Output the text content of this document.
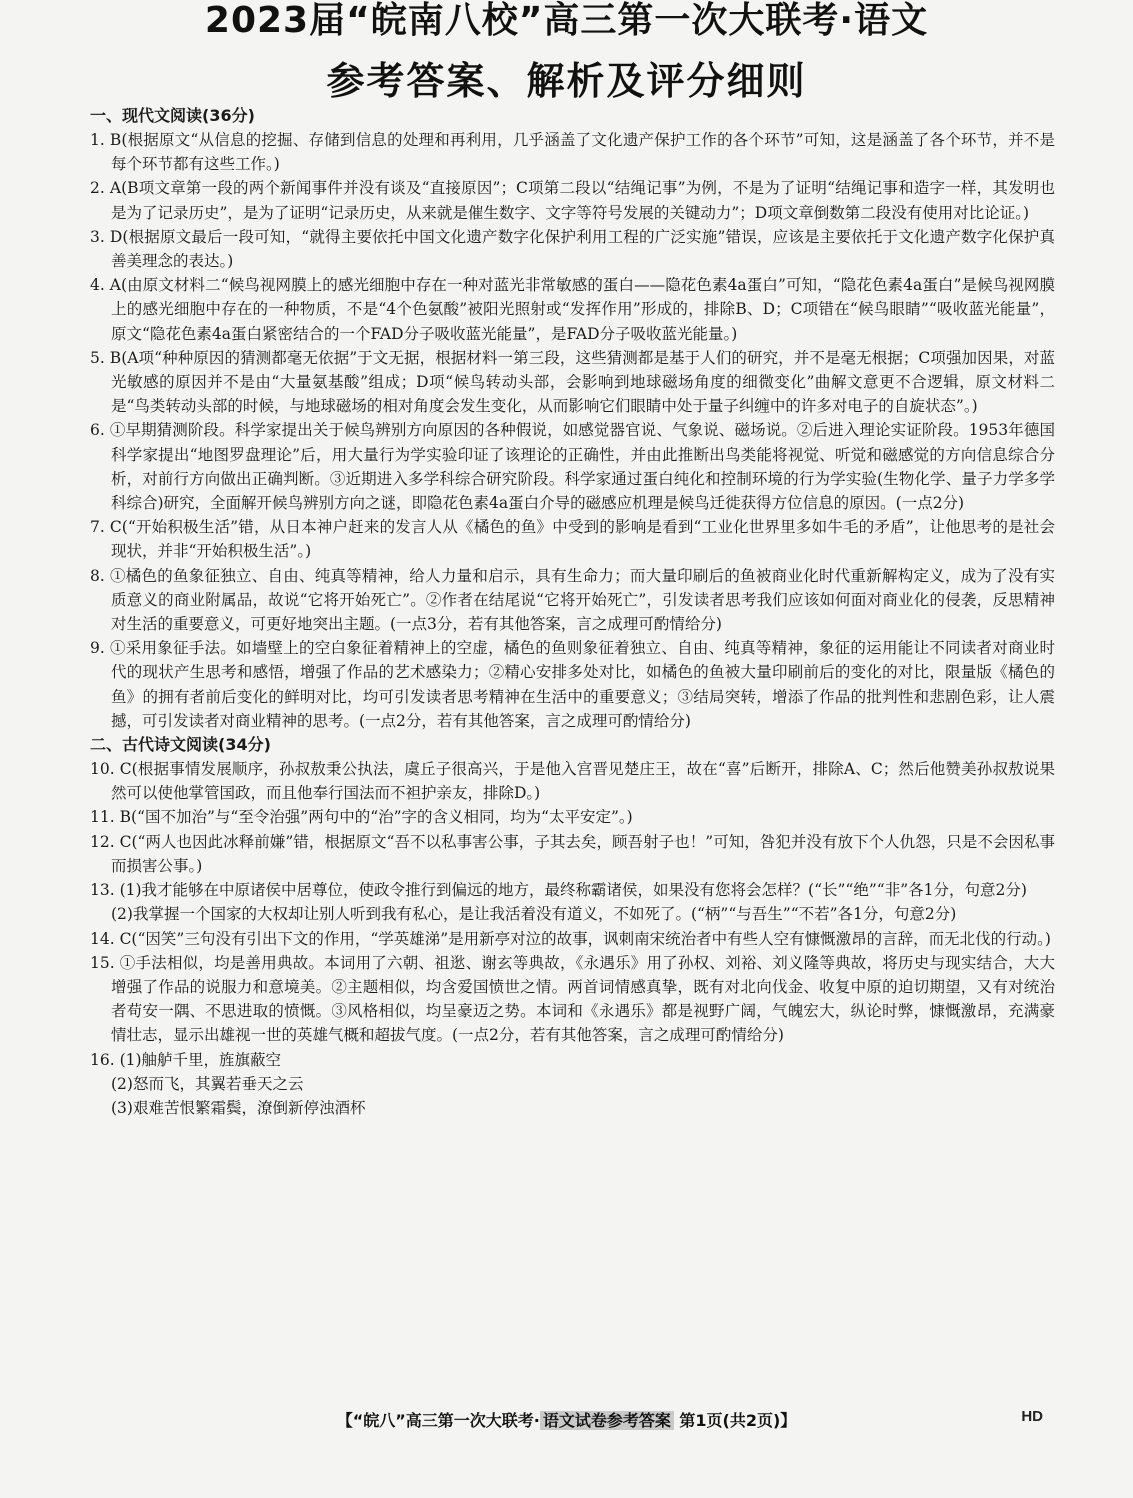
2023届“皖南八校”高三第一次大联考·语文
参考答案、解析及评分细则

一、现代文阅读(36分)

1. B(根据原文“从信息的挖掘、存储到信息的处理和再利用，几乎涵盖了文化遗产保护工作的各个环节”可知，这是涵盖了各个环节，并不是每个环节都有这些工作。)

2. A(B项文章第一段的两个新闻事件并没有谈及“直接原因”；C项第二段以“结绳记事”为例，不是为了证明“结绳记事和造字一样，其发明也是为了记录历史”，是为了证明“记录历史，从来就是催生数字、文字等符号发展的关键动力”；D项文章倒数第二段没有使用对比论证。)

3. D(根据原文最后一段可知，“就得主要依托中国文化遗产数字化保护利用工程的广泛实施”错误，应该是主要依托于文化遗产数字化保护真善美理念的表达。)

4. A(由原文材料二“候鸟视网膜上的感光细胞中存在一种对蓝光非常敏感的蛋白——隐花色素4a蛋白”可知，“隐花色素4a蛋白”是候鸟视网膜上的感光细胞中存在的一种物质，不是“4个色氨酸”被阳光照射或“发挥作用”形成的，排除B、D；C项错在“候鸟眼睛”“吸收蓝光能量”，原文“隐花色素4a蛋白紧密结合的一个FAD分子吸收蓝光能量”，是FAD分子吸收蓝光能量。)

5. B(A项“种种原因的猜测都毫无依据”于文无据，根据材料一第三段，这些猜测都是基于人们的研究，并不是毫无根据；C项强加因果，对蓝光敏感的原因并不是由“大量氨基酸”组成；D项“候鸟转动头部，会影响到地球磁场角度的细微变化”曲解文意更不合逻辑，原文材料二是“鸟类转动头部的时候，与地球磁场的相对角度会发生变化，从而影响它们眼睛中处于量子纠缠中的许多对电子的自旋状态”。)

6. ①早期猜测阶段。科学家提出关于候鸟辨别方向原因的各种假说，如感觉器官说、气象说、磁场说。②后进入理论实证阶段。1953年德国科学家提出“地图罗盘理论”后，用大量行为学实验印证了该理论的正确性，并由此推断出鸟类能将视觉、听觉和磁感觉的方向信息综合分析，对前行方向做出正确判断。③近期进入多学科综合研究阶段。科学家通过蛋白纯化和控制环境的行为学实验(生物化学、量子力学多学科综合)研究，全面解开候鸟辨别方向之谜，即隐花色素4a蛋白介导的磁感应机理是候鸟迁徙获得方位信息的原因。(一点2分)

7. C(“开始积极生活”错，从日本神户赶来的发言人从《橘色的鱼》中受到的影响是看到“工业化世界里多如牛毛的矛盾”，让他思考的是社会现状，并非“开始积极生活”。)

8. ①橘色的鱼象征独立、自由、纯真等精神，给人力量和启示，具有生命力；而大量印刷后的鱼被商业化时代重新解构定义，成为了没有实质意义的商业附属品，故说“它将开始死亡”。②作者在结尾说“它将开始死亡”，引发读者思考我们应该如何面对商业化的侵袭，反思精神对生活的重要意义，可更好地突出主题。(一点3分，若有其他答案，言之成理可酌情给分)

9. ①采用象征手法。如墙壁上的空白象征着精神上的空虚，橘色的鱼则象征着独立、自由、纯真等精神，象征的运用能让不同读者对商业时代的现状产生思考和感悟，增强了作品的艺术感染力；②精心安排多处对比，如橘色的鱼被大量印刷前后的变化的对比，限量版《橘色的鱼》的拥有者前后变化的鲜明对比，均可引发读者思考精神在生活中的重要意义；③结局突转，增添了作品的批判性和悲剧色彩，让人震撼，可引发读者对商业精神的思考。(一点2分，若有其他答案，言之成理可酌情给分)

二、古代诗文阅读(34分)

10. C(根据事情发展顺序，孙叔敖秉公执法，虞丘子很高兴，于是他入宫晋见楚庄王，故在“喜”后断开，排除A、C；然后他赞美孙叔敖说果然可以使他掌管国政，而且他奉行国法而不袒护亲友，排除D。)

11. B(“国不加治”与“至令治强”两句中的“治”字的含义相同，均为“太平安定”。)

12. C(“两人也因此冰释前嫌”错，根据原文“吾不以私事害公事，子其去矣，顾吾射子也！”可知，咎犯并没有放下个人仇怨，只是不会因私事而损害公事。)

13. (1)我才能够在中原诸侯中居尊位，使政令推行到偏远的地方，最终称霸诸侯，如果没有您将会怎样？(“长”“绝”“非”各1分，句意2分)

(2)我掌握一个国家的大权却让别人听到我有私心，是让我活着没有道义，不如死了。(“柄”“与吾生”“不若”各1分，句意2分)

14. C(“因笑”三句没有引出下文的作用，“学英雄涕”是用新亭对泣的故事，讽刺南宋统治者中有些人空有慷慨激昂的言辞，而无北伐的行动。)

15. ①手法相似，均是善用典故。本词用了六朝、祖逖、谢玄等典故，《永遇乐》用了孙权、刘裕、刘义隆等典故，将历史与现实结合，大大增强了作品的说服力和意境美。②主题相似，均含爱国愤世之情。两首词情感真挚，既有对北向伐金、收复中原的迫切期望，又有对统治者苟安一隅、不思进取的愤慨。③风格相似，均呈豪迈之势。本词和《永遇乐》都是视野广阔，气魄宏大，纵论时弊，慷慨激昂，充满豪情壮志，显示出雄视一世的英雄气概和超拔气度。(一点2分，若有其他答案，言之成理可酌情给分)

16. (1)舳舻千里，旌旗蔽空

(2)怒而飞，其翼若垂天之云

(3)艰难苦恨繁霜鬓，潦倒新停浊酒杯

【“皖八”高三第一次大联考· 语文试卷参考答案 第1页(共2页)】	HD
